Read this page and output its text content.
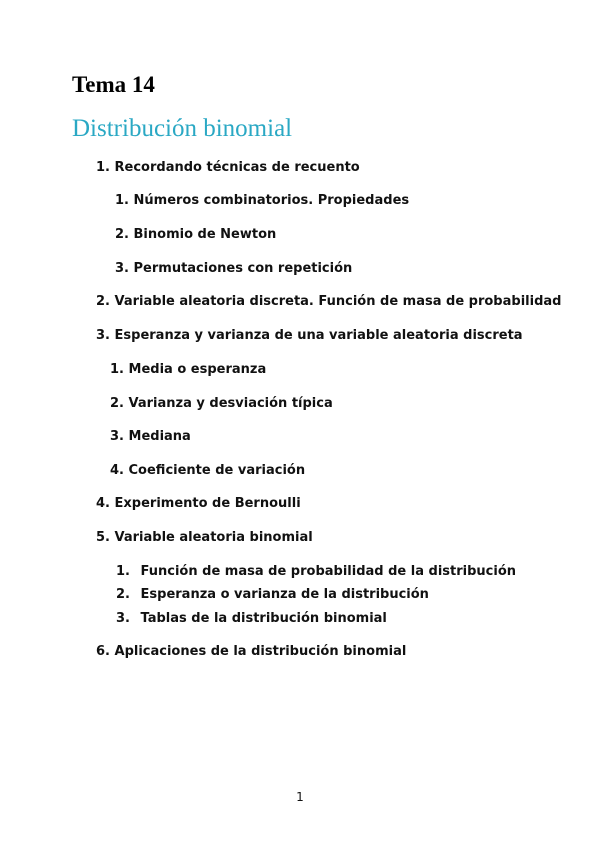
Tema 14
Distribución binomial
1. Recordando técnicas de recuento
1. Números combinatorios. Propiedades
2. Binomio de Newton
3. Permutaciones con repetición
2. Variable aleatoria discreta. Función de masa de probabilidad
3. Esperanza y varianza de una variable aleatoria discreta
1. Media o esperanza
2. Varianza y desviación típica
3. Mediana
4. Coeficiente de variación
4. Experimento de Bernoulli
5. Variable aleatoria binomial
1. Función de masa de probabilidad de la distribución
2. Esperanza o varianza de la distribución
3. Tablas de la distribución binomial
6. Aplicaciones de la distribución binomial
1
